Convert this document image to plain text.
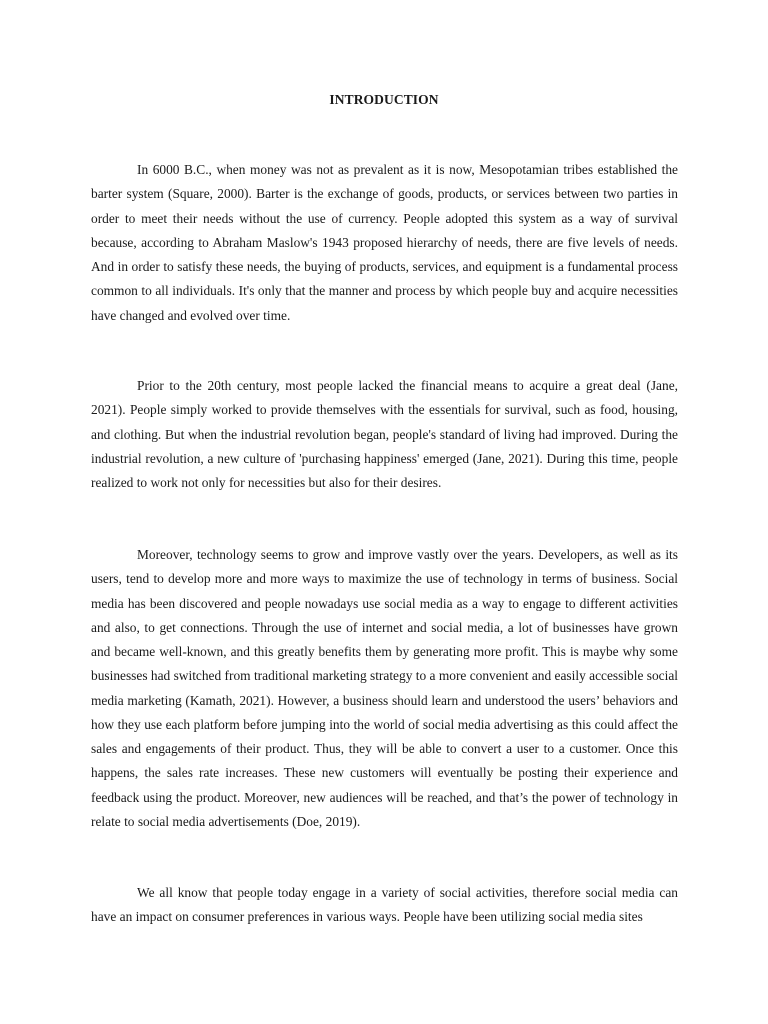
INTRODUCTION

In 6000 B.C., when money was not as prevalent as it is now, Mesopotamian tribes established the barter system (Square, 2000). Barter is the exchange of goods, products, or services between two parties in order to meet their needs without the use of currency. People adopted this system as a way of survival because, according to Abraham Maslow's 1943 proposed hierarchy of needs, there are five levels of needs. And in order to satisfy these needs, the buying of products, services, and equipment is a fundamental process common to all individuals. It's only that the manner and process by which people buy and acquire necessities have changed and evolved over time.

Prior to the 20th century, most people lacked the financial means to acquire a great deal (Jane, 2021). People simply worked to provide themselves with the essentials for survival, such as food, housing, and clothing. But when the industrial revolution began, people's standard of living had improved. During the industrial revolution, a new culture of 'purchasing happiness' emerged (Jane, 2021). During this time, people realized to work not only for necessities but also for their desires.

Moreover, technology seems to grow and improve vastly over the years. Developers, as well as its users, tend to develop more and more ways to maximize the use of technology in terms of business. Social media has been discovered and people nowadays use social media as a way to engage to different activities and also, to get connections. Through the use of internet and social media, a lot of businesses have grown and became well-known, and this greatly benefits them by generating more profit. This is maybe why some businesses had switched from traditional marketing strategy to a more convenient and easily accessible social media marketing (Kamath, 2021). However, a business should learn and understood the users’ behaviors and how they use each platform before jumping into the world of social media advertising as this could affect the sales and engagements of their product. Thus, they will be able to convert a user to a customer. Once this happens, the sales rate increases. These new customers will eventually be posting their experience and feedback using the product. Moreover, new audiences will be reached, and that’s the power of technology in relate to social media advertisements (Doe, 2019).

We all know that people today engage in a variety of social activities, therefore social media can have an impact on consumer preferences in various ways. People have been utilizing social media sites
